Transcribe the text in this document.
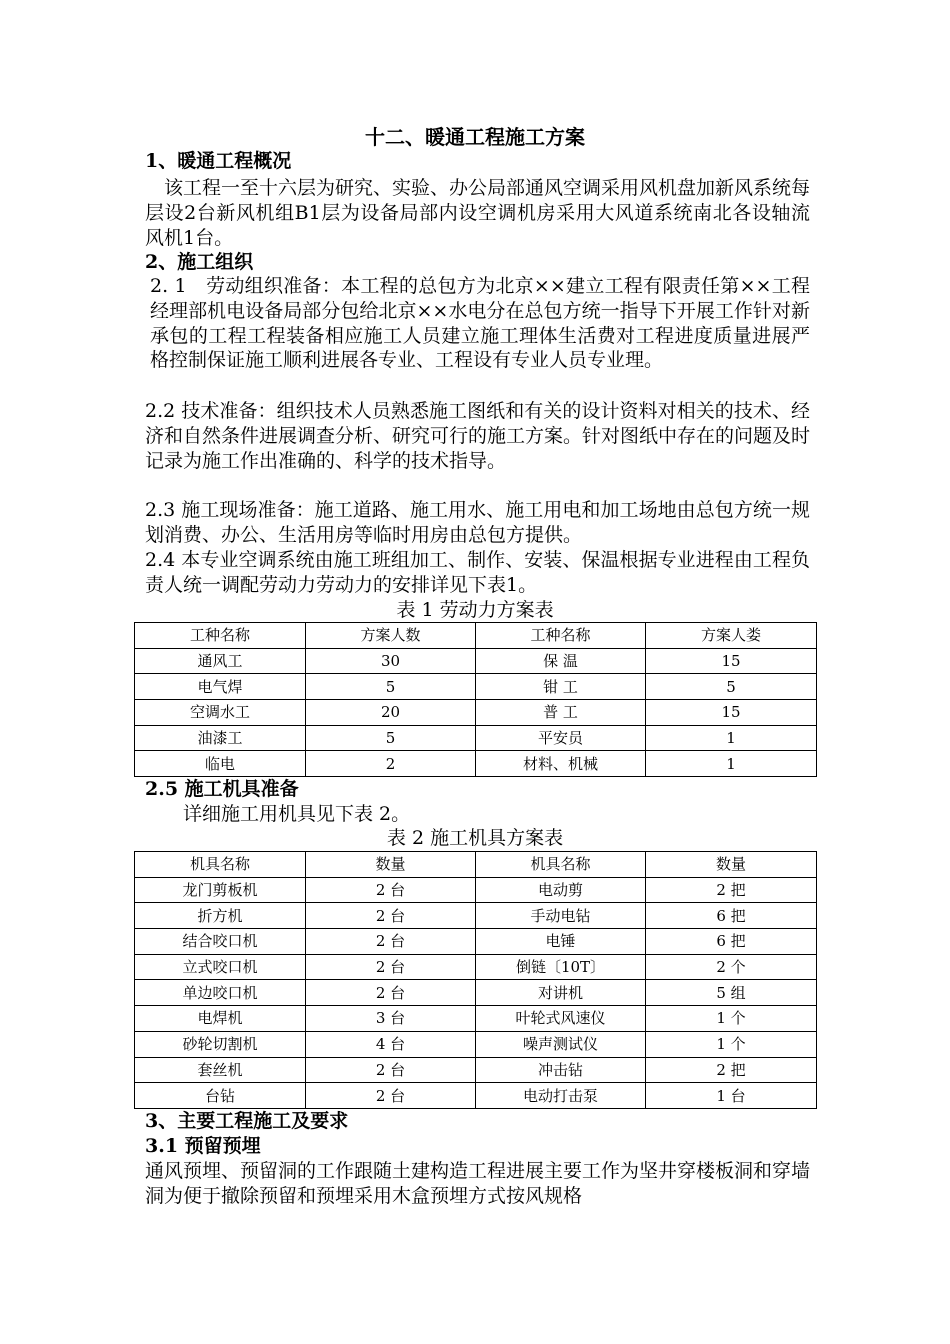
十二、暖通工程施工方案
1、暖通工程概况
该工程一至十六层为研究、实验、办公局部通风空调采用风机盘加新风系统每层设2台新风机组B1层为设备局部内设空调机房采用大风道系统南北各设轴流风机1台。
2、施工组织
2. 1　劳动组织准备：本工程的总包方为北京××建立工程有限责任第××工程经理部机电设备局部分包给北京××水电分在总包方统一指导下开展工作针对新承包的工程工程装备相应施工人员建立施工理体生活费对工程进度质量进展严格控制保证施工顺利进展各专业、工程设有专业人员专业理。
2.2 技术准备：组织技术人员熟悉施工图纸和有关的设计资料对相关的技术、经济和自然条件进展调查分析、研究可行的施工方案。针对图纸中存在的问题及时记录为施工作出准确的、科学的技术指导。
2.3 施工现场准备：施工道路、施工用水、施工用电和加工场地由总包方统一规划消费、办公、生活用房等临时用房由总包方提供。
2.4 本专业空调系统由施工班组加工、制作、安装、保温根据专业进程由工程负责人统一调配劳动力劳动力的安排详见下表1。
表 1 劳动力方案表
工种名称	方案人数	工种名称	方案人娄
通风工	30	保 温	15
电气焊	5	钳 工	5
空调水工	20	普 工	15
油漆工	5	平安员	1
临电	2	材料、机械	1
2.5 施工机具准备
详细施工用机具见下表 2。
表 2 施工机具方案表
机具名称	数量	机具名称	数量
龙门剪板机	2 台	电动剪	2 把
折方机	2 台	手动电钻	6 把
结合咬口机	2 台	电锤	6 把
立式咬口机	2 台	倒链〔10T〕	2 个
单边咬口机	2 台	对讲机	5 组
电焊机	3 台	叶轮式风速仪	1 个
砂轮切割机	4 台	噪声测试仪	1 个
套丝机	2 台	冲击钻	2 把
台钻	2 台	电动打击泵	1 台
3、主要工程施工及要求
3.1 预留预埋
通风预埋、预留洞的工作跟随土建构造工程进展主要工作为坚井穿楼板洞和穿墙洞为便于撤除预留和预埋采用木盒预埋方式按风规格
